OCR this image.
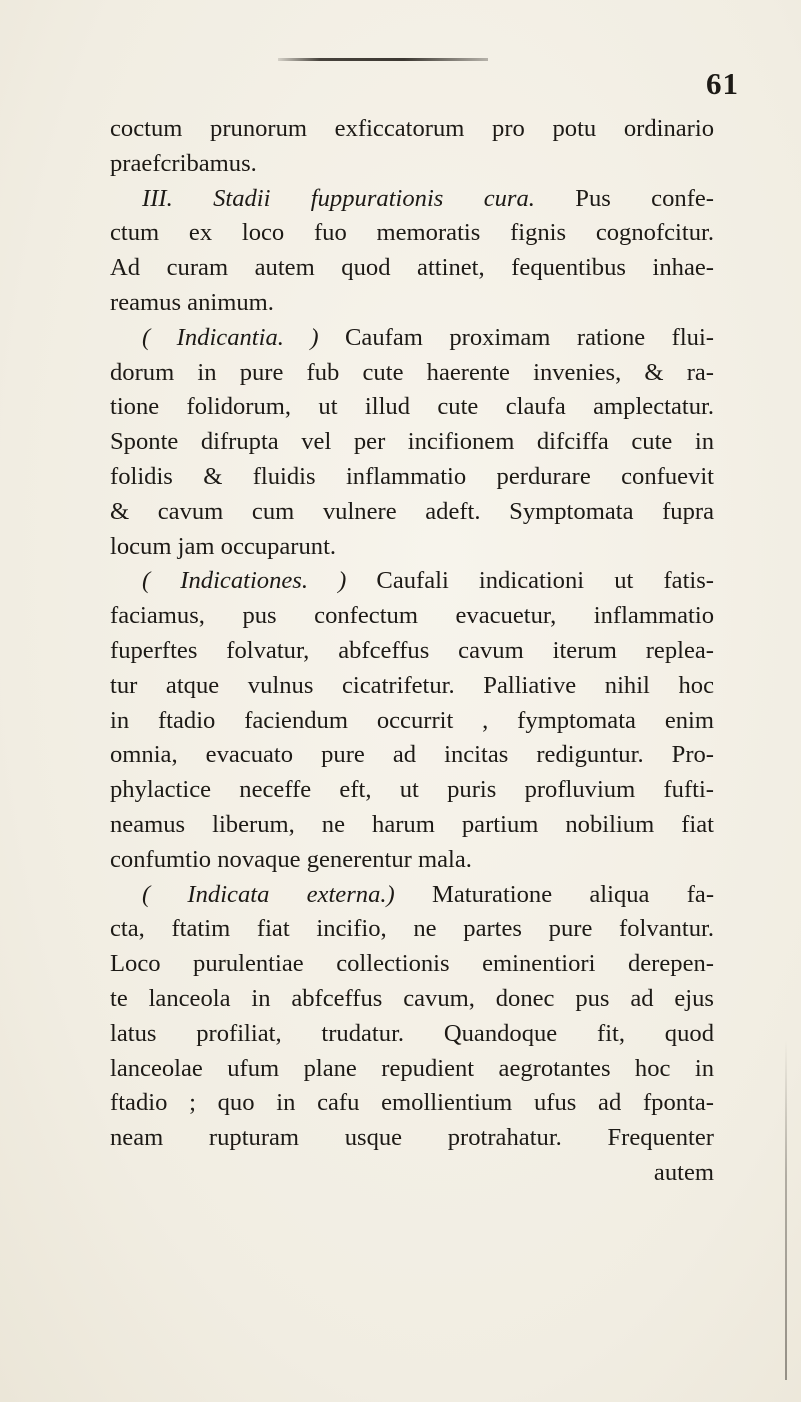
61
coctum prunorum exficcatorum pro potu ordinario
praefcribamus.
III. Stadii fuppurationis cura. Pus confe-
ctum ex loco fuo memoratis fignis cognofcitur.
Ad curam autem quod attinet, fequentibus inhae-
reamus animum.
( Indicantia. ) Caufam proximam ratione flui-
dorum in pure fub cute haerente invenies, & ra-
tione folidorum, ut illud cute claufa amplectatur.
Sponte difrupta vel per incifionem difciffa cute in
folidis & fluidis inflammatio perdurare confuevit
& cavum cum vulnere adeft. Symptomata fupra
locum jam occuparunt.
( Indicationes. ) Caufali indicationi ut fatis-
faciamus, pus confectum evacuetur, inflammatio
fuperftes folvatur, abfceffus cavum iterum replea-
tur atque vulnus cicatrifetur. Palliative nihil hoc
in ftadio faciendum occurrit , fymptomata enim
omnia, evacuato pure ad incitas rediguntur. Pro-
phylactice neceffe eft, ut puris profluvium fufti-
neamus liberum, ne harum partium nobilium fiat
confumtio novaque generentur mala.
( Indicata externa.) Maturatione aliqua fa-
cta, ftatim fiat incifio, ne partes pure folvantur.
Loco purulentiae collectionis eminentiori derepen-
te lanceola in abfceffus cavum, donec pus ad ejus
latus profiliat, trudatur. Quandoque fit, quod
lanceolae ufum plane repudient aegrotantes hoc in
ftadio ; quo in cafu emollientium ufus ad fponta-
neam rupturam usque protrahatur. Frequenter
autem
